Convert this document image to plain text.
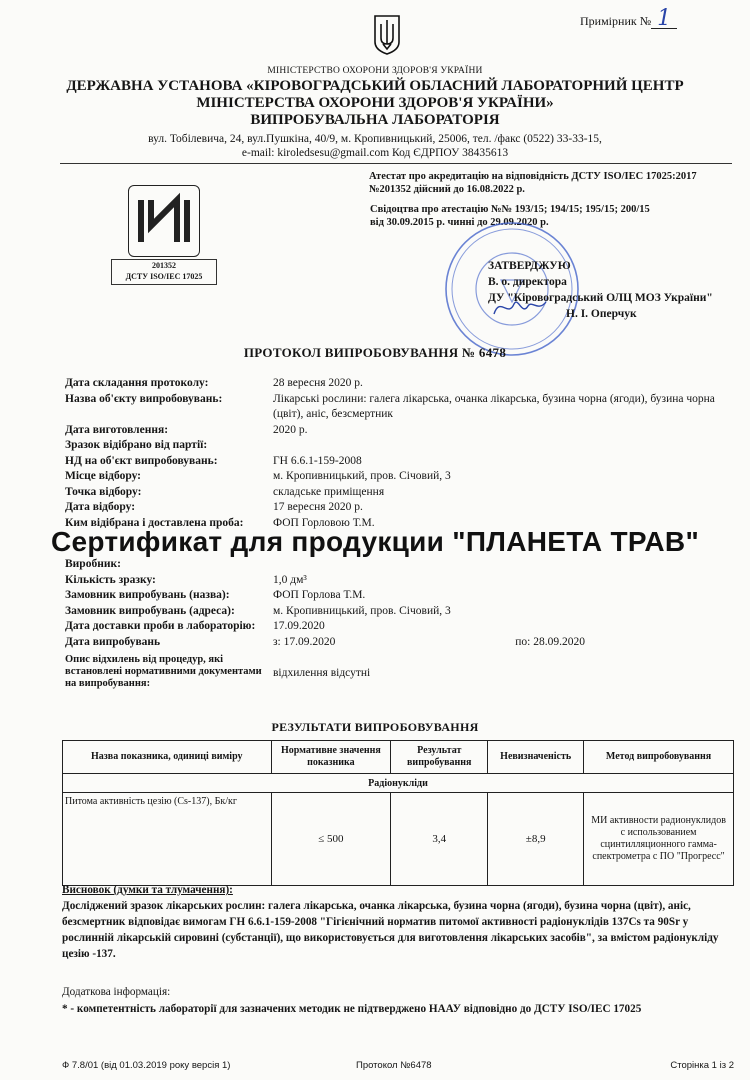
Примірник № 1
МІНІСТЕРСТВО ОХОРОНИ ЗДОРОВ'Я УКРАЇНИ
ДЕРЖАВНА УСТАНОВА «КІРОВОГРАДСЬКИЙ ОБЛАСНИЙ ЛАБОРАТОРНИЙ ЦЕНТР
МІНІСТЕРСТВА ОХОРОНИ ЗДОРОВ'Я УКРАЇНИ»
ВИПРОБУВАЛЬНА ЛАБОРАТОРІЯ
вул. Тобілевича, 24, вул.Пушкіна, 40/9, м. Кропивницький, 25006, тел. /факс (0522) 33-33-15,
e-mail: kiroledsesu@gmail.com Код ЄДРПОУ 38435613
201352
ДСТУ ISO/IEC 17025
Атестат про акредитацію на відповідність ДСТУ ISO/IEC 17025:2017
№201352 дійсний до 16.08.2022 р.
Свідоцтва про атестацію №№ 193/15; 194/15; 195/15; 200/15
від 30.09.2015 р. чинні до 29.09.2020 р.
ЗАТВЕРДЖУЮ
В. о. директора
ДУ "Кіровоградський ОЛЦ МОЗ України"
Н. І. Оперчук
ПРОТОКОЛ ВИПРОБОВУВАННЯ № 6478
Дата складання протоколу:	28 вересня 2020 р.
Назва об'єкту випробовувань:	Лікарські рослини: галега лікарська, очанка лікарська, бузина чорна (ягоди), бузина чорна (цвіт), аніс, безсмертник
Дата виготовлення:	2020 р.
Зразок відібрано від партії:
НД на об'єкт випробовувань:	ГН 6.6.1-159-2008
Місце відбору:	м. Кропивницький, пров. Січовий, 3
Точка відбору:	складське приміщення
Дата відбору:	17 вересня 2020 р.
Ким відібрана і доставлена проба:	ФОП Горловою Т.М.
Виробник:
Кількість зразку:	1,0 дм³
Замовник випробувань (назва):	ФОП Горлова Т.М.
Замовник випробувань (адреса):	м. Кропивницький, пров. Січовий, 3
Дата доставки проби в лабораторію:	17.09.2020
Дата випробувань	з: 17.09.2020	по: 28.09.2020
Опис відхилень від процедур, які встановлені нормативними документами на випробування:
відхилення відсутні
Сертификат для продукции "ПЛАНЕТА ТРАВ"
РЕЗУЛЬТАТИ ВИПРОБОВУВАННЯ
Назва показника, одиниці виміру	Нормативне значення показника	Результат випробування	Невизначеність	Метод випробовування
Радіонукліди				
Питома активність цезію (Cs-137), Бк/кг	≤ 500	3,4	±8,9	МИ активности радионуклидов с использованием сцинтилляционного гамма-спектрометра с ПО "Прогресс"
Висновок (думки та тлумачення):
Досліджений зразок лікарських рослин: галега лікарська, очанка лікарська, бузина чорна (ягоди), бузина чорна (цвіт), аніс, безсмертник відповідає вимогам ГН 6.6.1-159-2008 "Гігієнічний норматив питомої активності радіонуклідів 137Cs та 90Sr у рослинній лікарській сировині (субстанції), що використовується для виготовлення лікарських засобів", за вмістом радіонукліду цезію -137.
Додаткова інформація:
* - компетентність лабораторії для зазначених методик не підтверджено НААУ відповідно до ДСТУ ISO/IEC 17025
Ф 7.8/01 (від 01.03.2019 року версія 1)	Протокол №6478	Сторінка 1 із 2
